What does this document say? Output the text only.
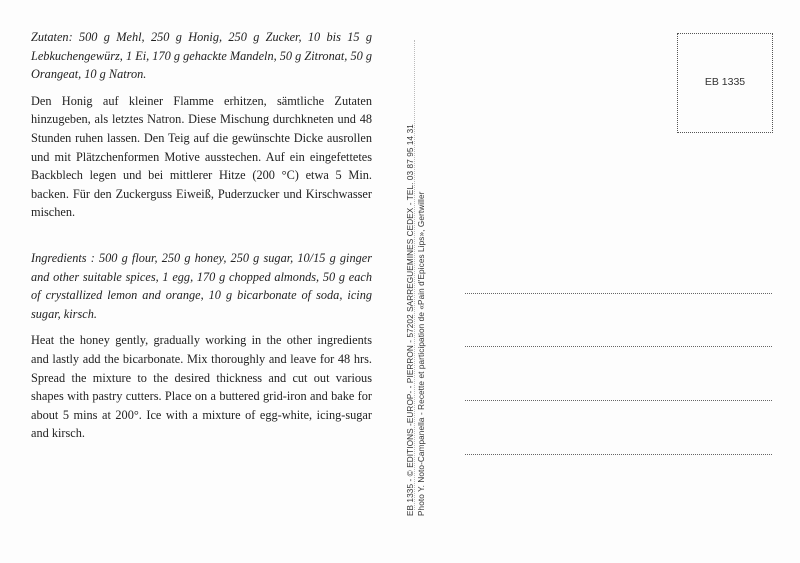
Zutaten: 500 g Mehl, 250 g Honig, 250 g Zucker, 10 bis 15 g Lebkuchengewürz, 1 Ei, 170 g gehackte Mandeln, 50 g Zitronat, 50 g Orangeat, 10 g Natron.

Den Honig auf kleiner Flamme erhitzen, sämtliche Zutaten hinzugeben, als letztes Natron. Diese Mischung durchkneten und 48 Stunden ruhen lassen. Den Teig auf die gewünschte Dicke ausrollen und mit Plätzchenformen Motive ausstechen. Auf ein eingefettetes Backblech legen und bei mittlerer Hitze (200 °C) etwa 5 Min. backen. Für den Zuckerguss Eiweiß, Puderzucker und Kirschwasser mischen.

Ingredients : 500 g flour, 250 g honey, 250 g sugar, 10/15 g ginger and other suitable spices, 1 egg, 170 g chopped almonds, 50 g each of crystallized lemon and orange, 10 g bicarbonate of soda, icing sugar, kirsch.

Heat the honey gently, gradually working in the other ingredients and lastly add the bicarbonate. Mix thoroughly and leave for 48 hrs. Spread the mixture to the desired thickness and cut out various shapes with pastry cutters. Place on a buttered grid-iron and bake for about 5 mins at 200°. Ice with a mixture of egg-white, icing-sugar and kirsch.	EB 1335 - © EDITIONS -EUROP- - PIERRON - 57202 SARREGUEMINES CEDEX - TEL. 03 87 95 14 31 Photo Y. Noto-Campanella - Recette et participation de «Pain d'Epices Lips», Gertwiller
EB 1335
